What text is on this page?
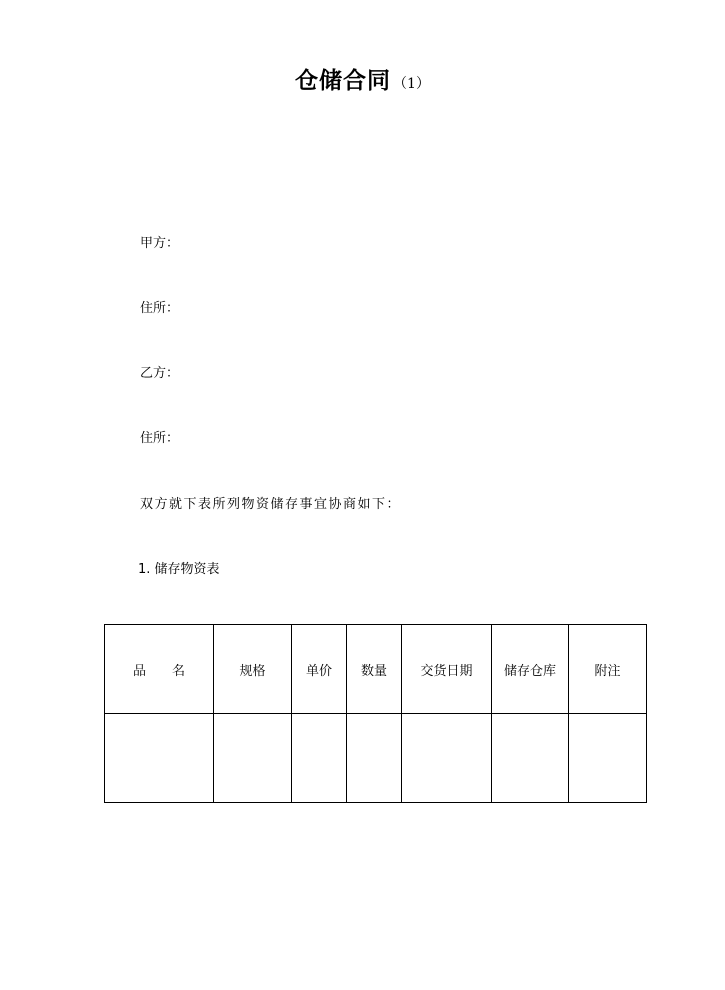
仓储合同 （1）
甲方：
住所：
乙方：
住所：
双方就下表所列物资储存事宜协商如下：
1. 储存物资表
品名	规格	单价	数量	交货日期	储存仓库	附注
